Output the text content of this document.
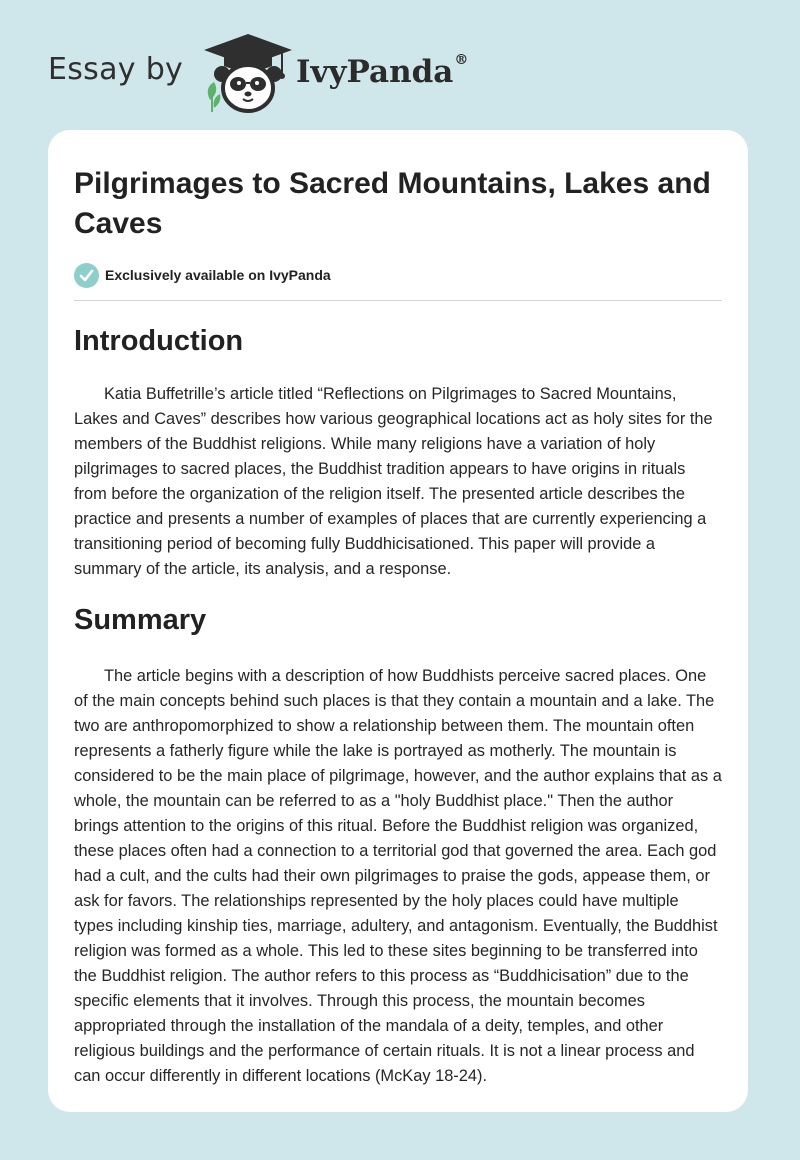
Essay by	IvyPanda®
Pilgrimages to Sacred Mountains, Lakes and Caves
Exclusively available on IvyPanda
Introduction

Katia Buffetrille’s article titled “Reflections on Pilgrimages to Sacred Mountains, Lakes and Caves” describes how various geographical locations act as holy sites for the members of the Buddhist religions. While many religions have a variation of holy pilgrimages to sacred places, the Buddhist tradition appears to have origins in rituals from before the organization of the religion itself. The presented article describes the practice and presents a number of examples of places that are currently experiencing a transitioning period of becoming fully Buddhicisationed. This paper will provide a summary of the article, its analysis, and a response.

Summary

The article begins with a description of how Buddhists perceive sacred places. One of the main concepts behind such places is that they contain a mountain and a lake. The two are anthropomorphized to show a relationship between them. The mountain often represents a fatherly figure while the lake is portrayed as motherly. The mountain is considered to be the main place of pilgrimage, however, and the author explains that as a whole, the mountain can be referred to as a "holy Buddhist place." Then the author brings attention to the origins of this ritual. Before the Buddhist religion was organized, these places often had a connection to a territorial god that governed the area. Each god had a cult, and the cults had their own pilgrimages to praise the gods, appease them, or ask for favors. The relationships represented by the holy places could have multiple types including kinship ties, marriage, adultery, and antagonism. Eventually, the Buddhist religion was formed as a whole. This led to these sites beginning to be transferred into the Buddhist religion. The author refers to this process as “Buddhicisation” due to the specific elements that it involves. Through this process, the mountain becomes appropriated through the installation of the mandala of a deity, temples, and other religious buildings and the performance of certain rituals. It is not a linear process and can occur differently in different locations (McKay 18-24).
